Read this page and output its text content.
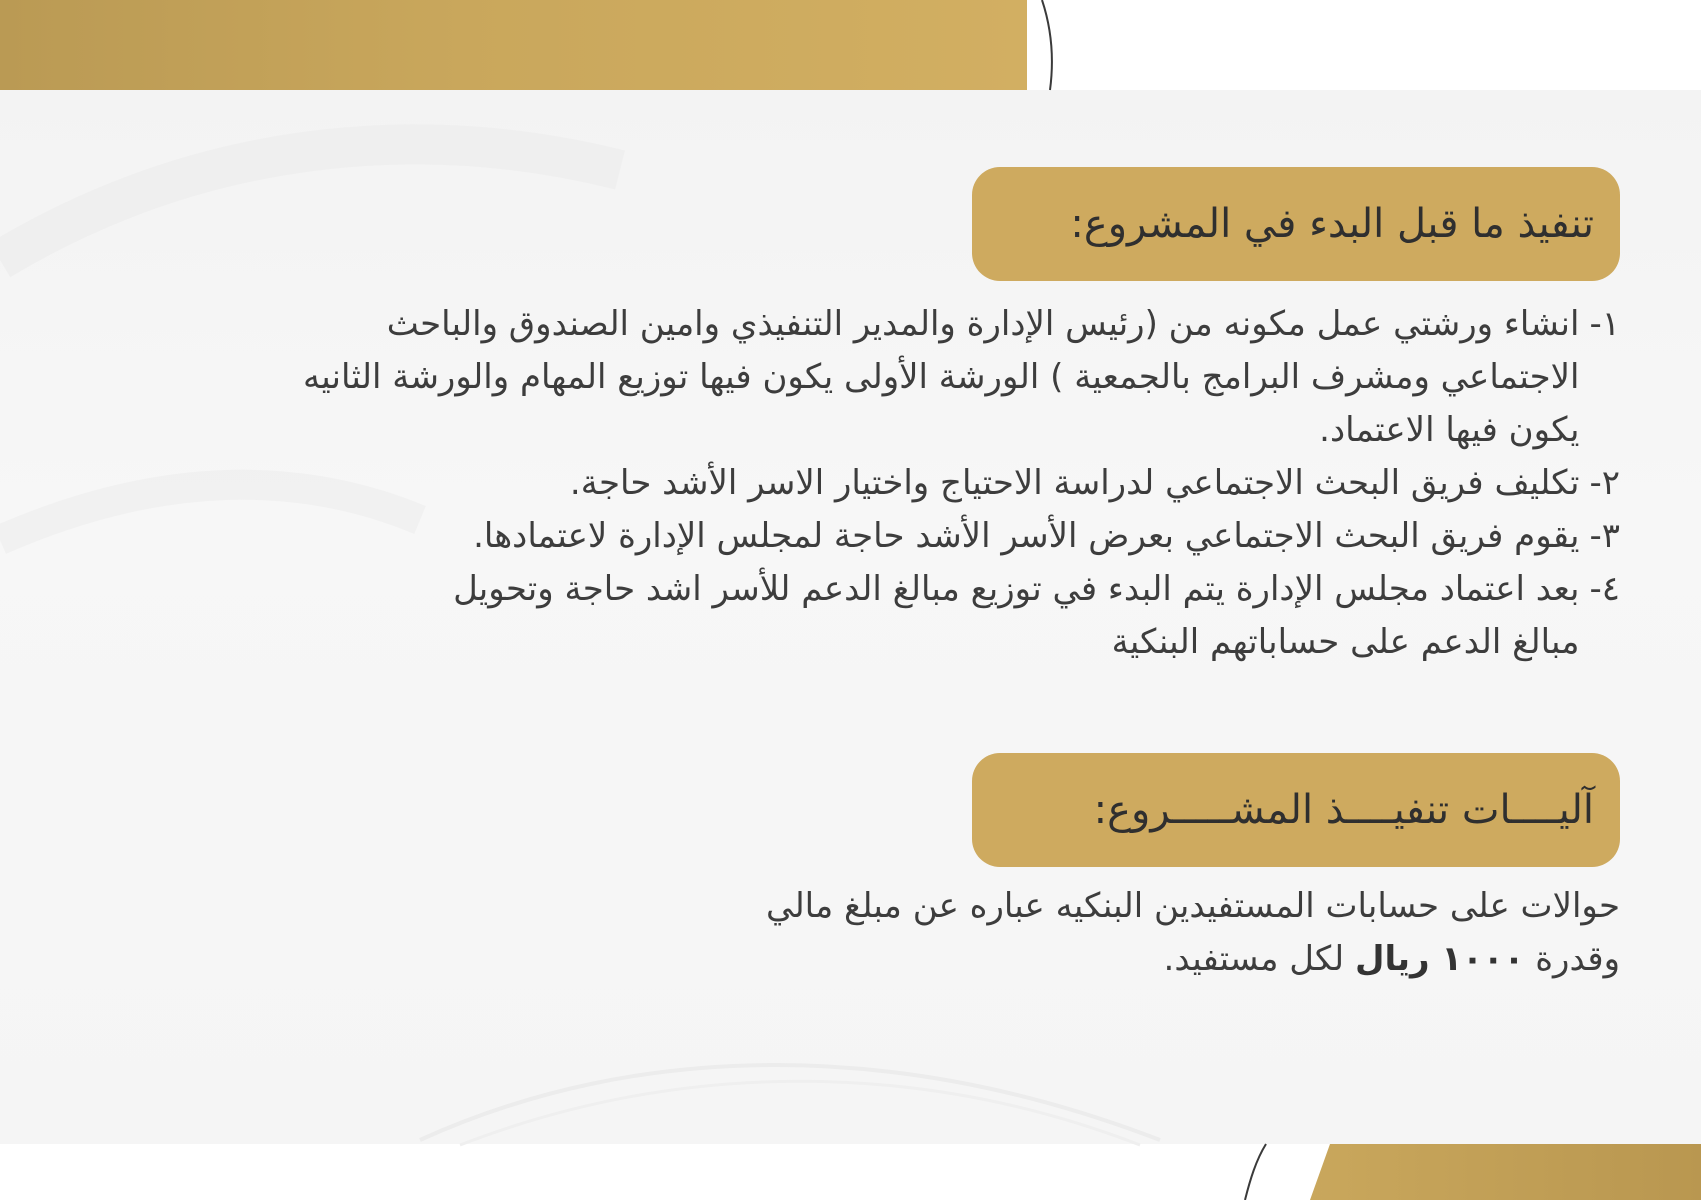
تنفيذ ما قبل البدء في المشروع:
١-
انشاء ورشتي عمل مكونه من (رئيس الإدارة والمدير التنفيذي وامين الصندوق والباحث الاجتماعي ومشرف البرامج بالجمعية ) الورشة الأولى يكون فيها توزيع المهام والورشة الثانيه يكون فيها الاعتماد.
٢-
تكليف فريق البحث الاجتماعي لدراسة الاحتياج واختيار الاسر الأشد حاجة.
٣-
يقوم فريق البحث الاجتماعي بعرض الأسر الأشد حاجة لمجلس الإدارة لاعتمادها.
٤-
بعد اعتماد مجلس الإدارة يتم البدء في توزيع مبالغ الدعم للأسر اشد حاجة وتحويل مبالغ الدعم على حساباتهم البنكية
آليــــات تنفيــــذ المشـــــروع:

حوالات على حسابات المستفيدين البنكيه عباره عن مبلغ مالي
وقدرة ١٠٠٠ ريال لكل مستفيد.
